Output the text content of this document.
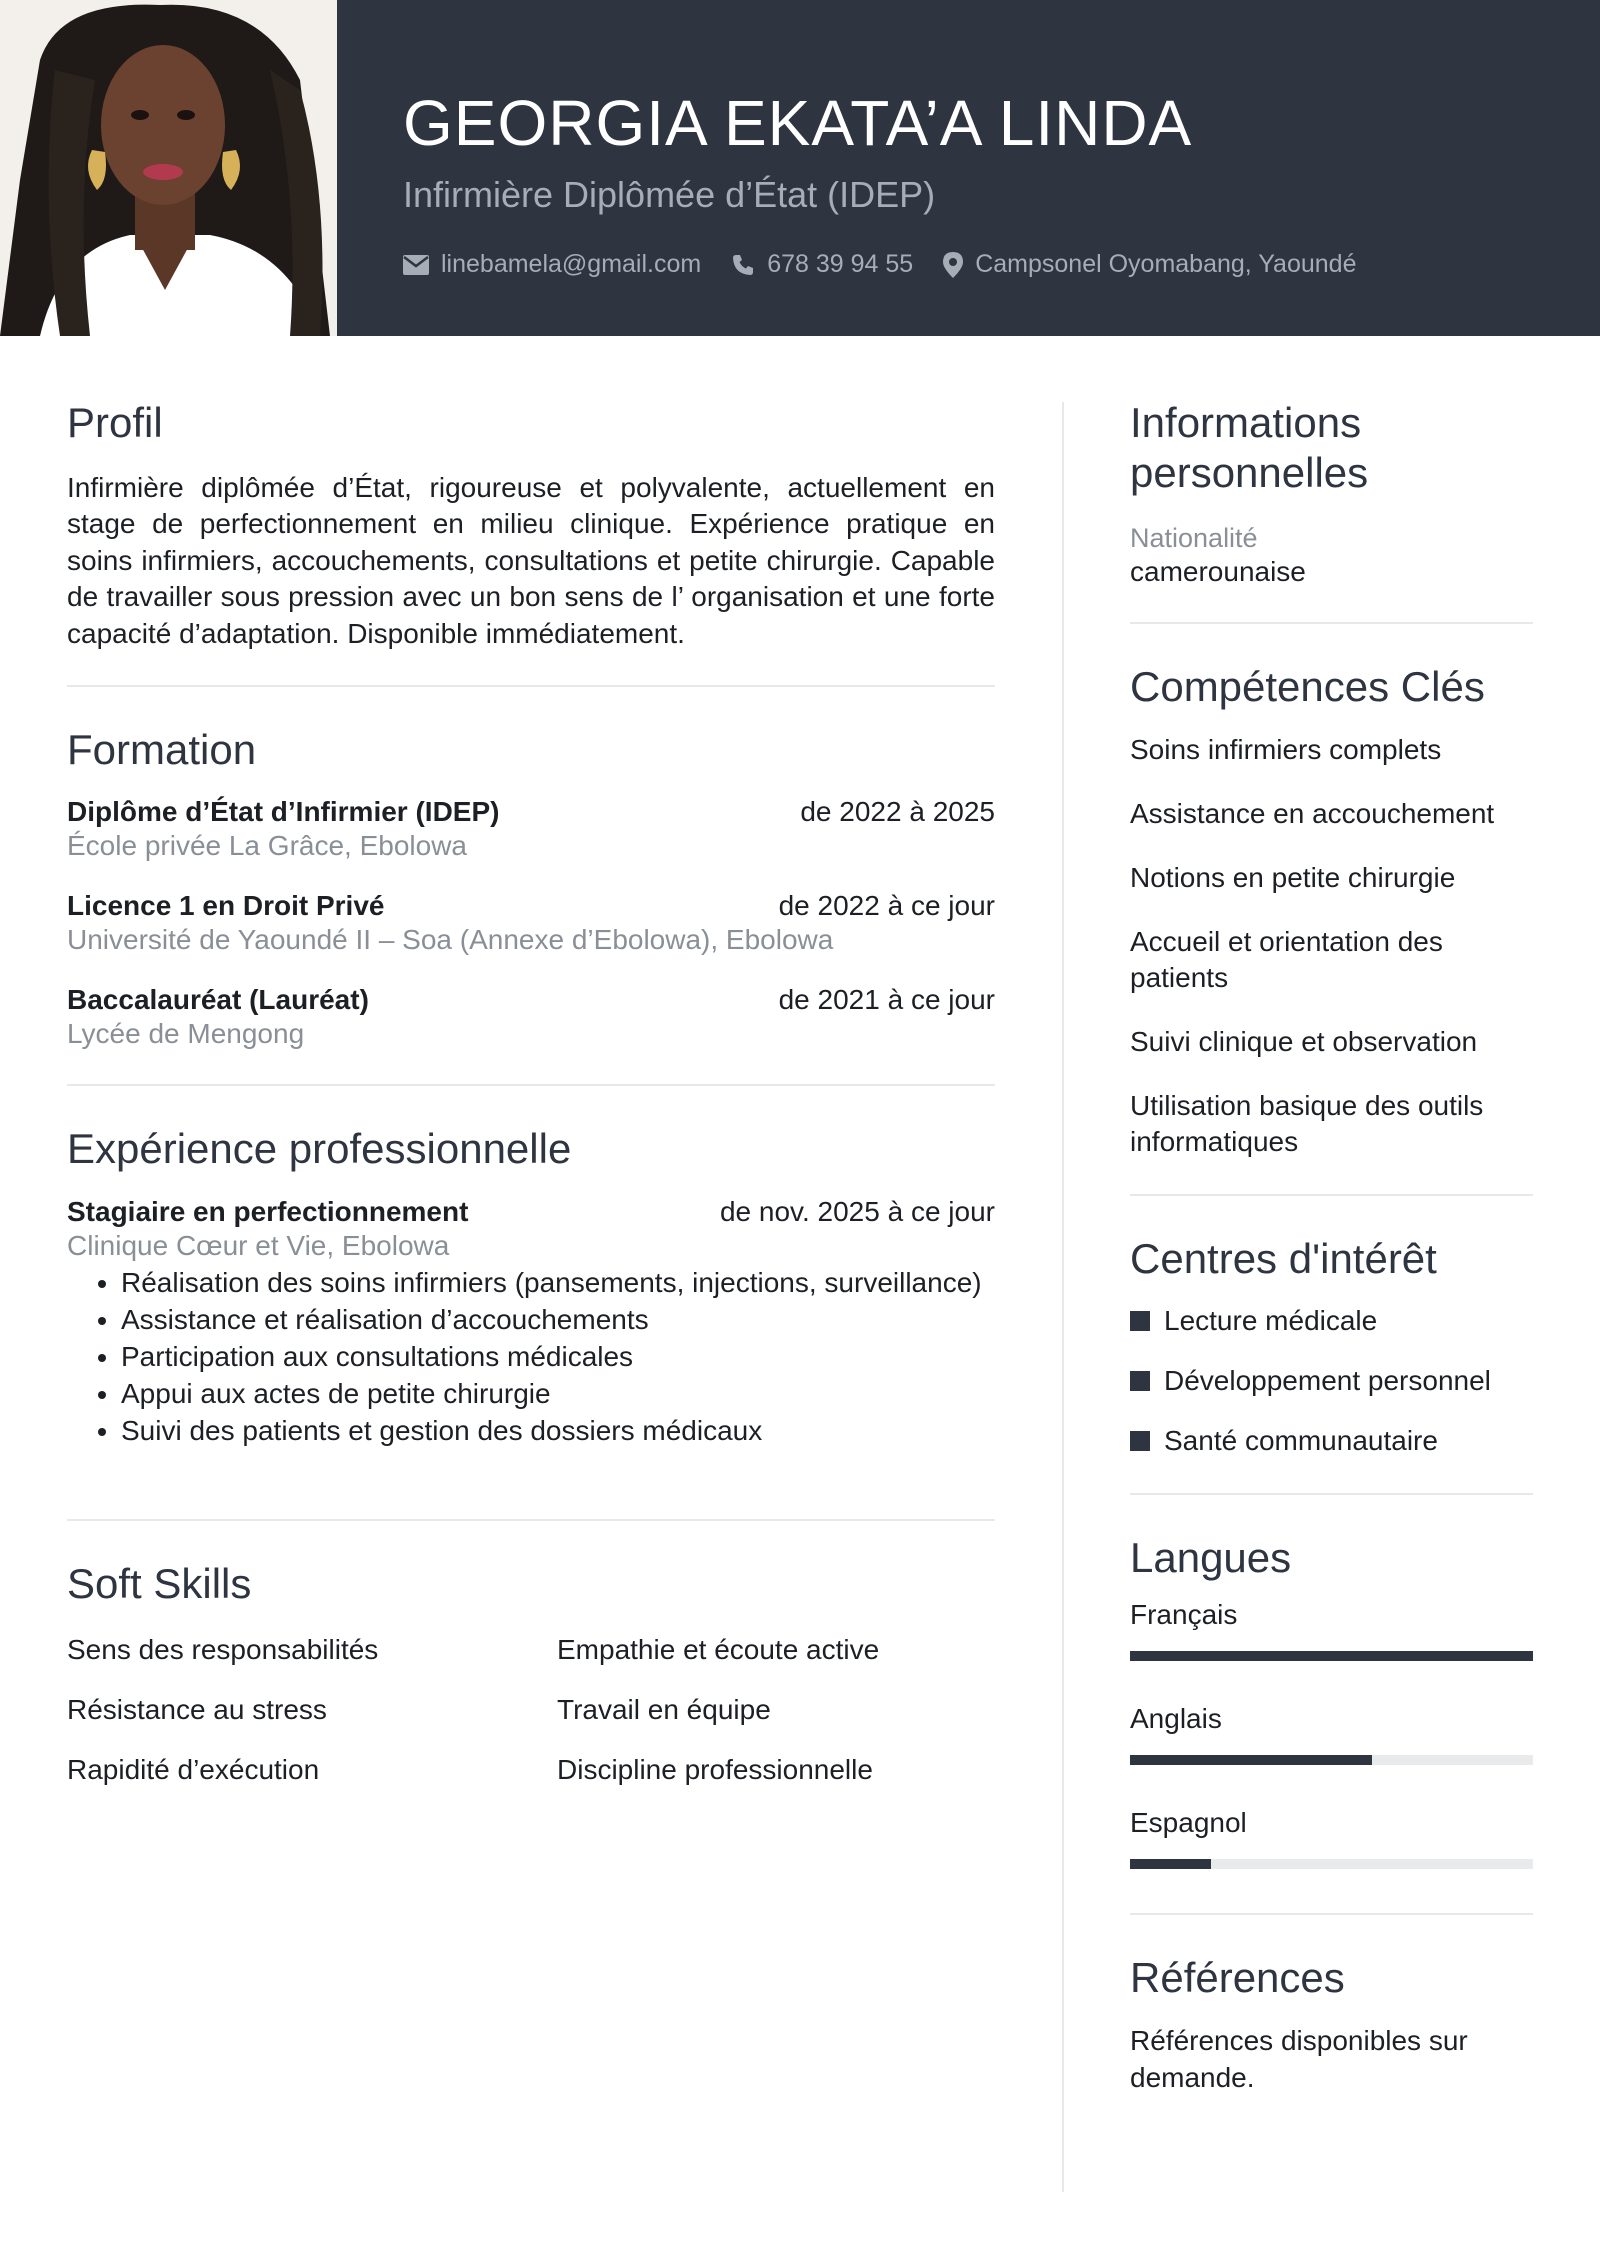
GEORGIA EKATA’A LINDA
Infirmière Diplômée d’État (IDEP)
linebamela@gmail.com	678 39 94 55 Campsonel Oyomabang, Yaoundé
Profil
Infirmière diplômée d’État, rigoureuse et polyvalente, actuellement en stage de perfectionnement en milieu clinique. Expérience pratique en soins infirmiers, accouchements, consultations et petite chirurgie. Capable de travailler sous pression avec un bon sens de l’ organisation et une forte capacité d’adaptation. Disponible immédiatement.
Formation
Diplôme d’État d’Infirmier (IDEP)	de 2022 à 2025
École privée La Grâce, Ebolowa
Licence 1 en Droit Privé	de 2022 à ce jour
Université de Yaoundé II – Soa (Annexe d’Ebolowa), Ebolowa
Baccalauréat (Lauréat)	de 2021 à ce jour
Lycée de Mengong
Expérience professionnelle
Stagiaire en perfectionnement	de nov. 2025 à ce jour
Clinique Cœur et Vie, Ebolowa
• Réalisation des soins infirmiers (pansements, injections, surveillance)
• Assistance et réalisation d’accouchements
• Participation aux consultations médicales
• Appui aux actes de petite chirurgie
• Suivi des patients et gestion des dossiers médicaux
Soft Skills
Sens des responsabilités	Empathie et écoute active
Résistance au stress	Travail en équipe
Rapidité d’exécution	Discipline professionnelle
Informations personnelles
Nationalité
camerounaise
Compétences Clés
Soins infirmiers complets
Assistance en accouchement
Notions en petite chirurgie
Accueil et orientation des patients
Suivi clinique et observation
Utilisation basique des outils informatiques
Centres d'intérêt
Lecture médicale
Développement personnel
Santé communautaire
Langues
Français
Anglais
Espagnol
Références
Références disponibles sur demande.
